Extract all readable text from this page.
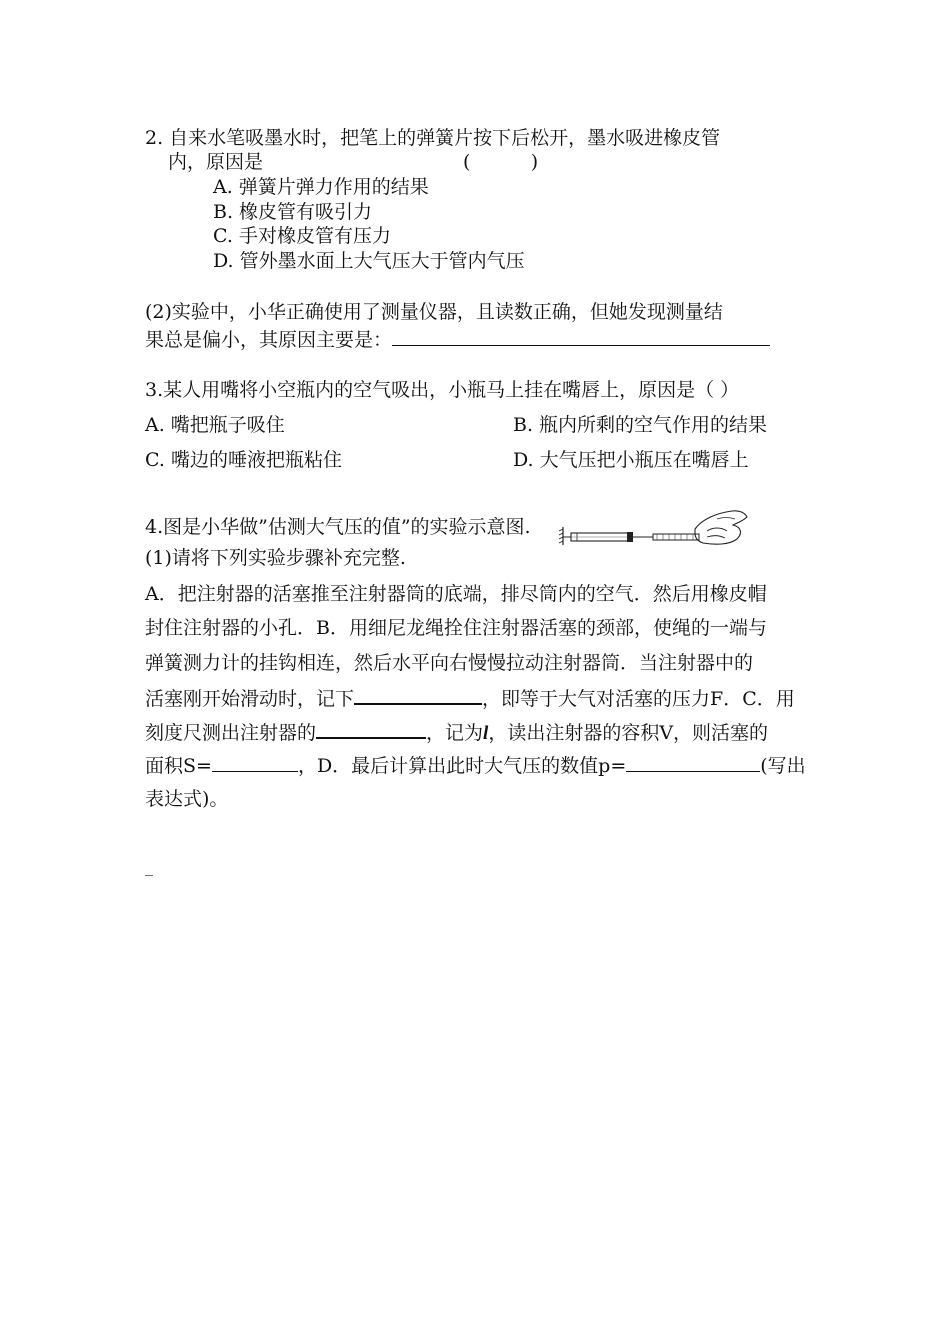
2. 自来水笔吸墨水时，把笔上的弹簧片按下后松开，墨水吸进橡皮管
内，原因是	(          )
A. 弹簧片弹力作用的结果
B. 橡皮管有吸引力
C. 手对橡皮管有压力
D. 管外墨水面上大气压大于管内气压
(2)实验中，小华正确使用了测量仪器，且读数正确，但她发现测量结
果总是偏小，其原因主要是：
3.某人用嘴将小空瓶内的空气吸出，小瓶马上挂在嘴唇上，原因是（ ）
A. 嘴把瓶子吸住	B. 瓶内所剩的空气作用的结果
C. 嘴边的唾液把瓶粘住	D. 大气压把小瓶压在嘴唇上
4.图是小华做”估测大气压的值”的实验示意图.
(1)请将下列实验步骤补充完整.
A．把注射器的活塞推至注射器筒的底端，排尽筒内的空气．然后用橡皮帽
封住注射器的小孔．B．用细尼龙绳拴住注射器活塞的颈部，使绳的一端与
弹簧测力计的挂钩相连，然后水平向右慢慢拉动注射器筒．当注射器中的
活塞刚开始滑动时，记下	，即等于大气对活塞的压力F．C．用
刻度尺测出注射器的	，记为l，读出注射器的容积V，则活塞的
面积S=	，D．最后计算出此时大气压的数值p=	(写出
表达式)。
_
